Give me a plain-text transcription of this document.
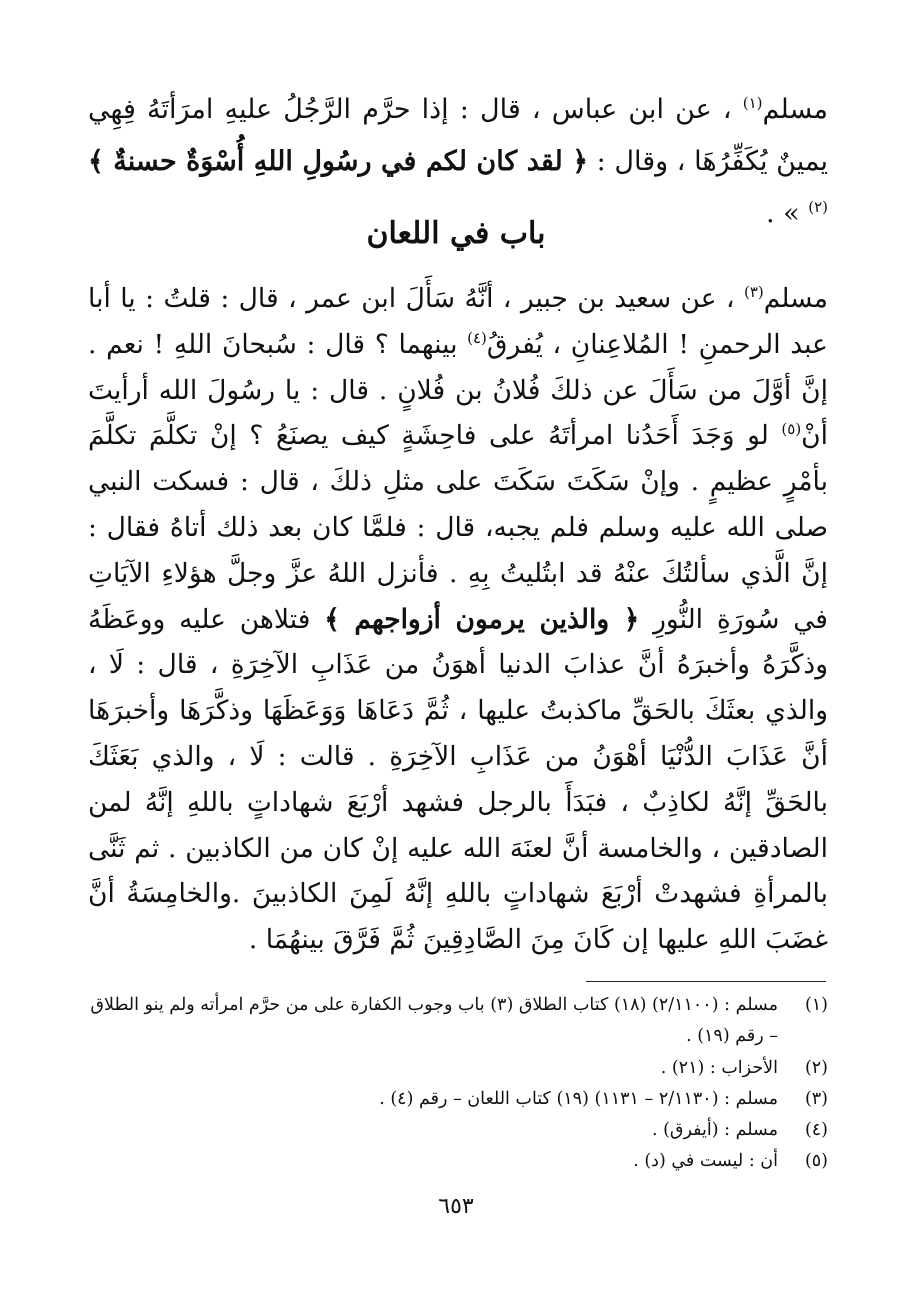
مسلم$^{(١)}$ ، عن ابن عباس ، قال : إذا حرَّم الرَّجُلُ عليهِ امرَأتَهُ فِهِي يمينٌ يُكَفِّرُهَا ، وقال : ﴿ لقد كان لكم في رسُولِ اللهِ أُسْوَةٌ حسنةٌ ﴾$^{(٢)}$ » .

باب في اللعان

مسلم$^{(٣)}$ ، عن سعيد بن جبير ، أنَّهُ سَأَلَ ابن عمر ، قال : قلتُ : يا أبا عبد الرحمنِ ! المُلاعِنانِ ، يُفرقُ$^{(٤)}$ بينهما ؟ قال : سُبحانَ اللهِ ! نعم . إنَّ أوَّلَ من سَأَلَ عن ذلكَ فُلانُ بن فُلانٍ . قال : يا رسُولَ الله أرأيتَ أنْ$^{(٥)}$ لو وَجَدَ أَحَدُنا امرأتَهُ على فاحِشَةٍ كيف يصنَعُ ؟ إنْ تكلَّمَ تكلَّمَ بأمْرٍ عظيمٍ . وإنْ سَكَتَ سَكَتَ على مثلِ ذلكَ ، قال : فسكت النبي صلى الله عليه وسلم فلم يجبه، قال : فلمَّا كان بعد ذلك أتاهُ فقال : إنَّ الَّذي سألتُكَ عنْهُ قد ابتُليتُ بِهِ . فأنزل اللهُ عزَّ وجلَّ هؤلاءِ الآيَاتِ في سُورَةِ النُّورِ ﴿ والذين يرمون أزواجهم ﴾ فتلاهن عليه ووعَظَهُ وذكَّرَهُ وأخبرَهُ أنَّ عذابَ الدنيا أهوَنُ من عَذَابِ الآخِرَةِ ، قال : لَا ، والذي بعثَكَ بالحَقِّ ماكذبتُ عليها ، ثُمَّ دَعَاهَا وَوَعَظَهَا وذكَّرَهَا وأخبرَهَا أنَّ عَذَابَ الدُّنْيَا أهْوَنُ من عَذَابِ الآخِرَةِ . قالت : لَا ، والذي بَعَثَكَ بالحَقِّ إنَّهُ لكاذِبٌ ، فبَدَأَ بالرجل فشهد أرْبَعَ شهاداتٍ باللهِ إنَّهُ لمن الصادقين ، والخامسة أنَّ لعنَهَ الله عليه إنْ كان من الكاذبين . ثم ثَنَّى بالمرأةِ فشهدتْ أرْبَعَ شهاداتٍ باللهِ إنَّهُ لَمِنَ الكاذبينَ .والخامِسَةُ أنَّ غضَبَ اللهِ عليها إن كَانَ مِنَ الصَّادِقِينَ ثُمَّ فَرَّقَ بينهُمَا .

(١)
مسلم : (٢/١١٠٠) (١٨) كتاب الطلاق (٣) باب وجوب الكفارة على من حرَّم امرأته ولم ينو الطلاق – رقم (١٩) .
(٢)
الأحزاب : (٢١) .
(٣)
مسلم : (٢/١١٣٠ – ١١٣١) (١٩) كتاب اللعان – رقم (٤) .
(٤)
مسلم : (أيفرق) .
(٥)
أن : ليست في (د) .
٦٥٣
